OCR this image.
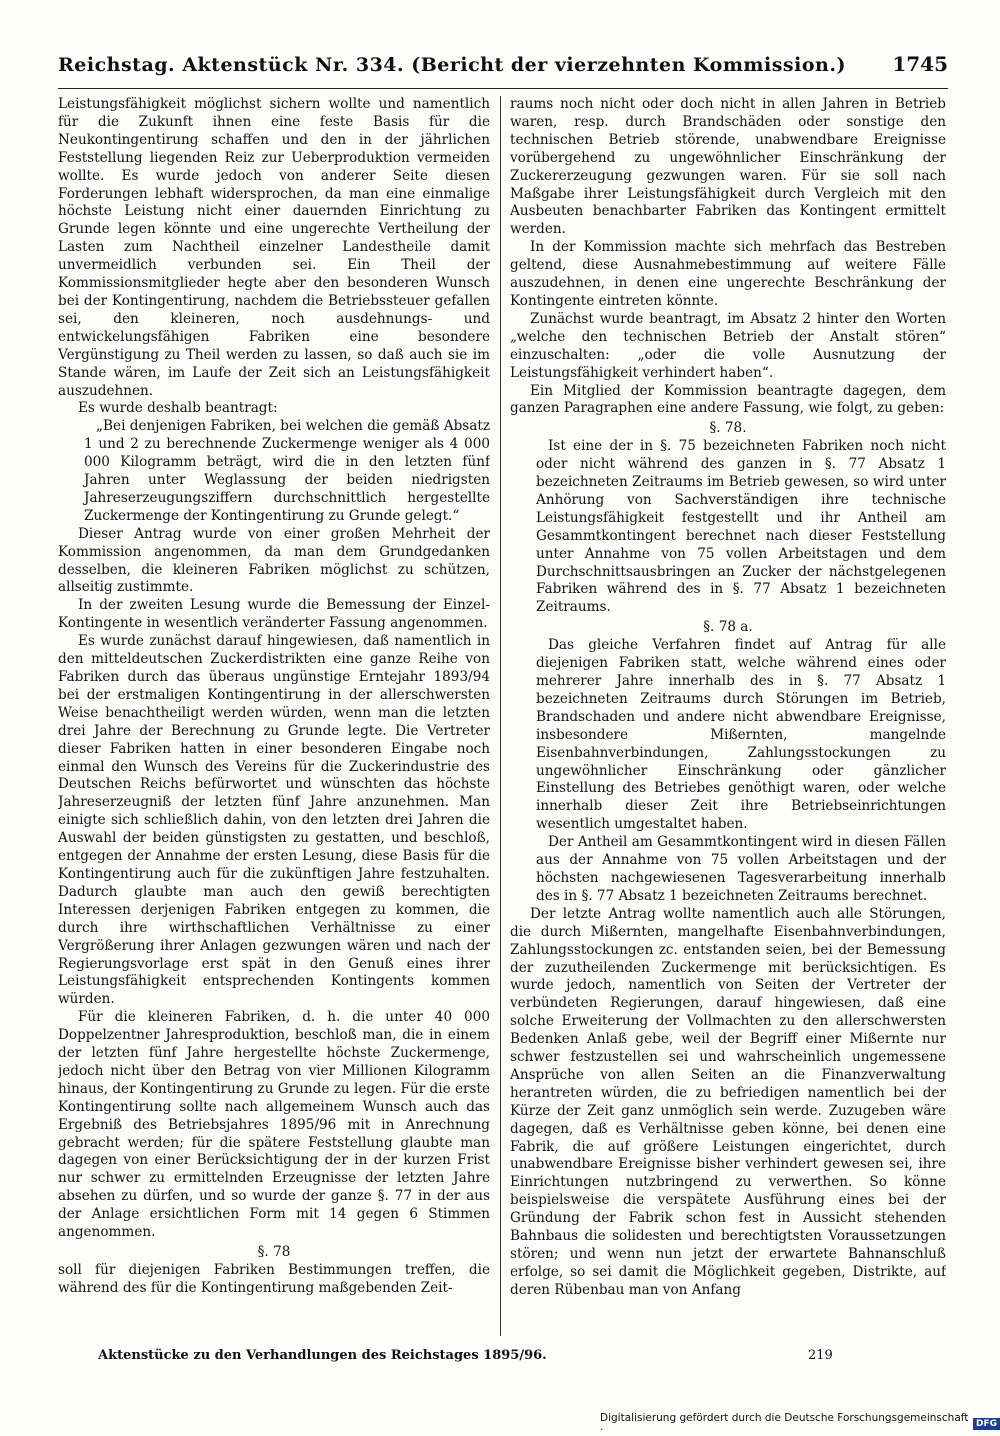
Reichstag. Aktenstück Nr. 334. (Bericht der vierzehnten Kommission.)	1745

Leistungsfähigkeit möglichst sichern wollte und namentlich für die Zukunft ihnen eine feste Basis für die Neukontingentirung schaffen und den in der jährlichen Feststellung liegenden Reiz zur Ueberproduktion vermeiden wollte. Es wurde jedoch von anderer Seite diesen Forderungen lebhaft widersprochen, da man eine einmalige höchste Leistung nicht einer dauernden Einrichtung zu Grunde legen könnte und eine ungerechte Vertheilung der Lasten zum Nachtheil einzelner Landestheile damit unvermeidlich verbunden sei. Ein Theil der Kommissionsmitglieder hegte aber den besonderen Wunsch bei der Kontingentirung, nachdem die Betriebssteuer gefallen sei, den kleineren, noch ausdehnungs- und entwickelungsfähigen Fabriken eine besondere Vergünstigung zu Theil werden zu lassen, so daß auch sie im Stande wären, im Laufe der Zeit sich an Leistungsfähigkeit auszudehnen.

Es wurde deshalb beantragt:

„Bei denjenigen Fabriken, bei welchen die gemäß Absatz 1 und 2 zu berechnende Zuckermenge weniger als 4 000 000 Kilogramm beträgt, wird die in den letzten fünf Jahren unter Weglassung der beiden niedrigsten Jahreserzeugungsziffern durchschnittlich hergestellte Zuckermenge der Kontingentirung zu Grunde gelegt.“

Dieser Antrag wurde von einer großen Mehrheit der Kommission angenommen, da man dem Grundgedanken desselben, die kleineren Fabriken möglichst zu schützen, allseitig zustimmte.

In der zweiten Lesung wurde die Bemessung der Einzel-Kontingente in wesentlich veränderter Fassung angenommen.

Es wurde zunächst darauf hingewiesen, daß namentlich in den mitteldeutschen Zuckerdistrikten eine ganze Reihe von Fabriken durch das überaus ungünstige Erntejahr 1893/94 bei der erstmaligen Kontingentirung in der allerschwersten Weise benachtheiligt werden würden, wenn man die letzten drei Jahre der Berechnung zu Grunde legte. Die Vertreter dieser Fabriken hatten in einer besonderen Eingabe noch einmal den Wunsch des Vereins für die Zuckerindustrie des Deutschen Reichs befürwortet und wünschten das höchste Jahreserzeugniß der letzten fünf Jahre anzunehmen. Man einigte sich schließlich dahin, von den letzten drei Jahren die Auswahl der beiden günstigsten zu gestatten, und beschloß, entgegen der Annahme der ersten Lesung, diese Basis für die Kontingentirung auch für die zukünftigen Jahre festzuhalten. Dadurch glaubte man auch den gewiß berechtigten Interessen derjenigen Fabriken entgegen zu kommen, die durch ihre wirthschaftlichen Verhältnisse zu einer Vergrößerung ihrer Anlagen gezwungen wären und nach der Regierungsvorlage erst spät in den Genuß eines ihrer Leistungsfähigkeit entsprechenden Kontingents kommen würden.

Für die kleineren Fabriken, d. h. die unter 40 000 Doppelzentner Jahresproduktion, beschloß man, die in einem der letzten fünf Jahre hergestellte höchste Zuckermenge, jedoch nicht über den Betrag von vier Millionen Kilogramm hinaus, der Kontingentirung zu Grunde zu legen. Für die erste Kontingentirung sollte nach allgemeinem Wunsch auch das Ergebniß des Betriebsjahres 1895/96 mit in Anrechnung gebracht werden; für die spätere Feststellung glaubte man dagegen von einer Berücksichtigung der in der kurzen Frist nur schwer zu ermittelnden Erzeugnisse der letzten Jahre absehen zu dürfen, und so wurde der ganze §. 77 in der aus der Anlage ersichtlichen Form mit 14 gegen 6 Stimmen angenommen.

§. 78

soll für diejenigen Fabriken Bestimmungen treffen, die während des für die Kontingentirung maßgebenden Zeit-

raums noch nicht oder doch nicht in allen Jahren in Betrieb waren, resp. durch Brandschäden oder sonstige den technischen Betrieb störende, unabwendbare Ereignisse vorübergehend zu ungewöhnlicher Einschränkung der Zuckererzeugung gezwungen waren. Für sie soll nach Maßgabe ihrer Leistungsfähigkeit durch Vergleich mit den Ausbeuten benachbarter Fabriken das Kontingent ermittelt werden.

In der Kommission machte sich mehrfach das Bestreben geltend, diese Ausnahmebestimmung auf weitere Fälle auszudehnen, in denen eine ungerechte Beschränkung der Kontingente eintreten könnte.

Zunächst wurde beantragt, im Absatz 2 hinter den Worten „welche den technischen Betrieb der Anstalt stören“ einzuschalten: „oder die volle Ausnutzung der Leistungsfähigkeit verhindert haben“.

Ein Mitglied der Kommission beantragte dagegen, dem ganzen Paragraphen eine andere Fassung, wie folgt, zu geben:

§. 78.

Ist eine der in §. 75 bezeichneten Fabriken noch nicht oder nicht während des ganzen in §. 77 Absatz 1 bezeichneten Zeitraums im Betrieb gewesen, so wird unter Anhörung von Sachverständigen ihre technische Leistungsfähigkeit festgestellt und ihr Antheil am Gesammtkontingent berechnet nach dieser Feststellung unter Annahme von 75 vollen Arbeitstagen und dem Durchschnittsausbringen an Zucker der nächstgelegenen Fabriken während des in §. 77 Absatz 1 bezeichneten Zeitraums.

§. 78 a.

Das gleiche Verfahren findet auf Antrag für alle diejenigen Fabriken statt, welche während eines oder mehrerer Jahre innerhalb des in §. 77 Absatz 1 bezeichneten Zeitraums durch Störungen im Betrieb, Brandschaden und andere nicht abwendbare Ereignisse, insbesondere Mißernten, mangelnde Eisenbahnverbindungen, Zahlungsstockungen zu ungewöhnlicher Einschränkung oder gänzlicher Einstellung des Betriebes genöthigt waren, oder welche innerhalb dieser Zeit ihre Betriebseinrichtungen wesentlich umgestaltet haben.

Der Antheil am Gesammtkontingent wird in diesen Fällen aus der Annahme von 75 vollen Arbeitstagen und der höchsten nachgewiesenen Tagesverarbeitung innerhalb des in §. 77 Absatz 1 bezeichneten Zeitraums berechnet.

Der letzte Antrag wollte namentlich auch alle Störungen, die durch Mißernten, mangelhafte Eisenbahnverbindungen, Zahlungsstockungen zc. entstanden seien, bei der Bemessung der zuzutheilenden Zuckermenge mit berücksichtigen. Es wurde jedoch, namentlich von Seiten der Vertreter der verbündeten Regierungen, darauf hingewiesen, daß eine solche Erweiterung der Vollmachten zu den allerschwersten Bedenken Anlaß gebe, weil der Begriff einer Mißernte nur schwer festzustellen sei und wahrscheinlich ungemessene Ansprüche von allen Seiten an die Finanzverwaltung herantreten würden, die zu befriedigen namentlich bei der Kürze der Zeit ganz unmöglich sein werde. Zuzugeben wäre dagegen, daß es Verhältnisse geben könne, bei denen eine Fabrik, die auf größere Leistungen eingerichtet, durch unabwendbare Ereignisse bisher verhindert gewesen sei, ihre Einrichtungen nutzbringend zu verwerthen. So könne beispielsweise die verspätete Ausführung eines bei der Gründung der Fabrik schon fest in Aussicht stehenden Bahnbaus die solidesten und berechtigtsten Voraussetzungen stören; und wenn nun jetzt der erwartete Bahnanschluß erfolge, so sei damit die Möglichkeit gegeben, Distrikte, auf deren Rübenbau man von Anfang

Aktenstücke zu den Verhandlungen des Reichstages 1895/96.	219
Digitalisierung gefördert durch die Deutsche Forschungsgemeinschaft ·	DFG
